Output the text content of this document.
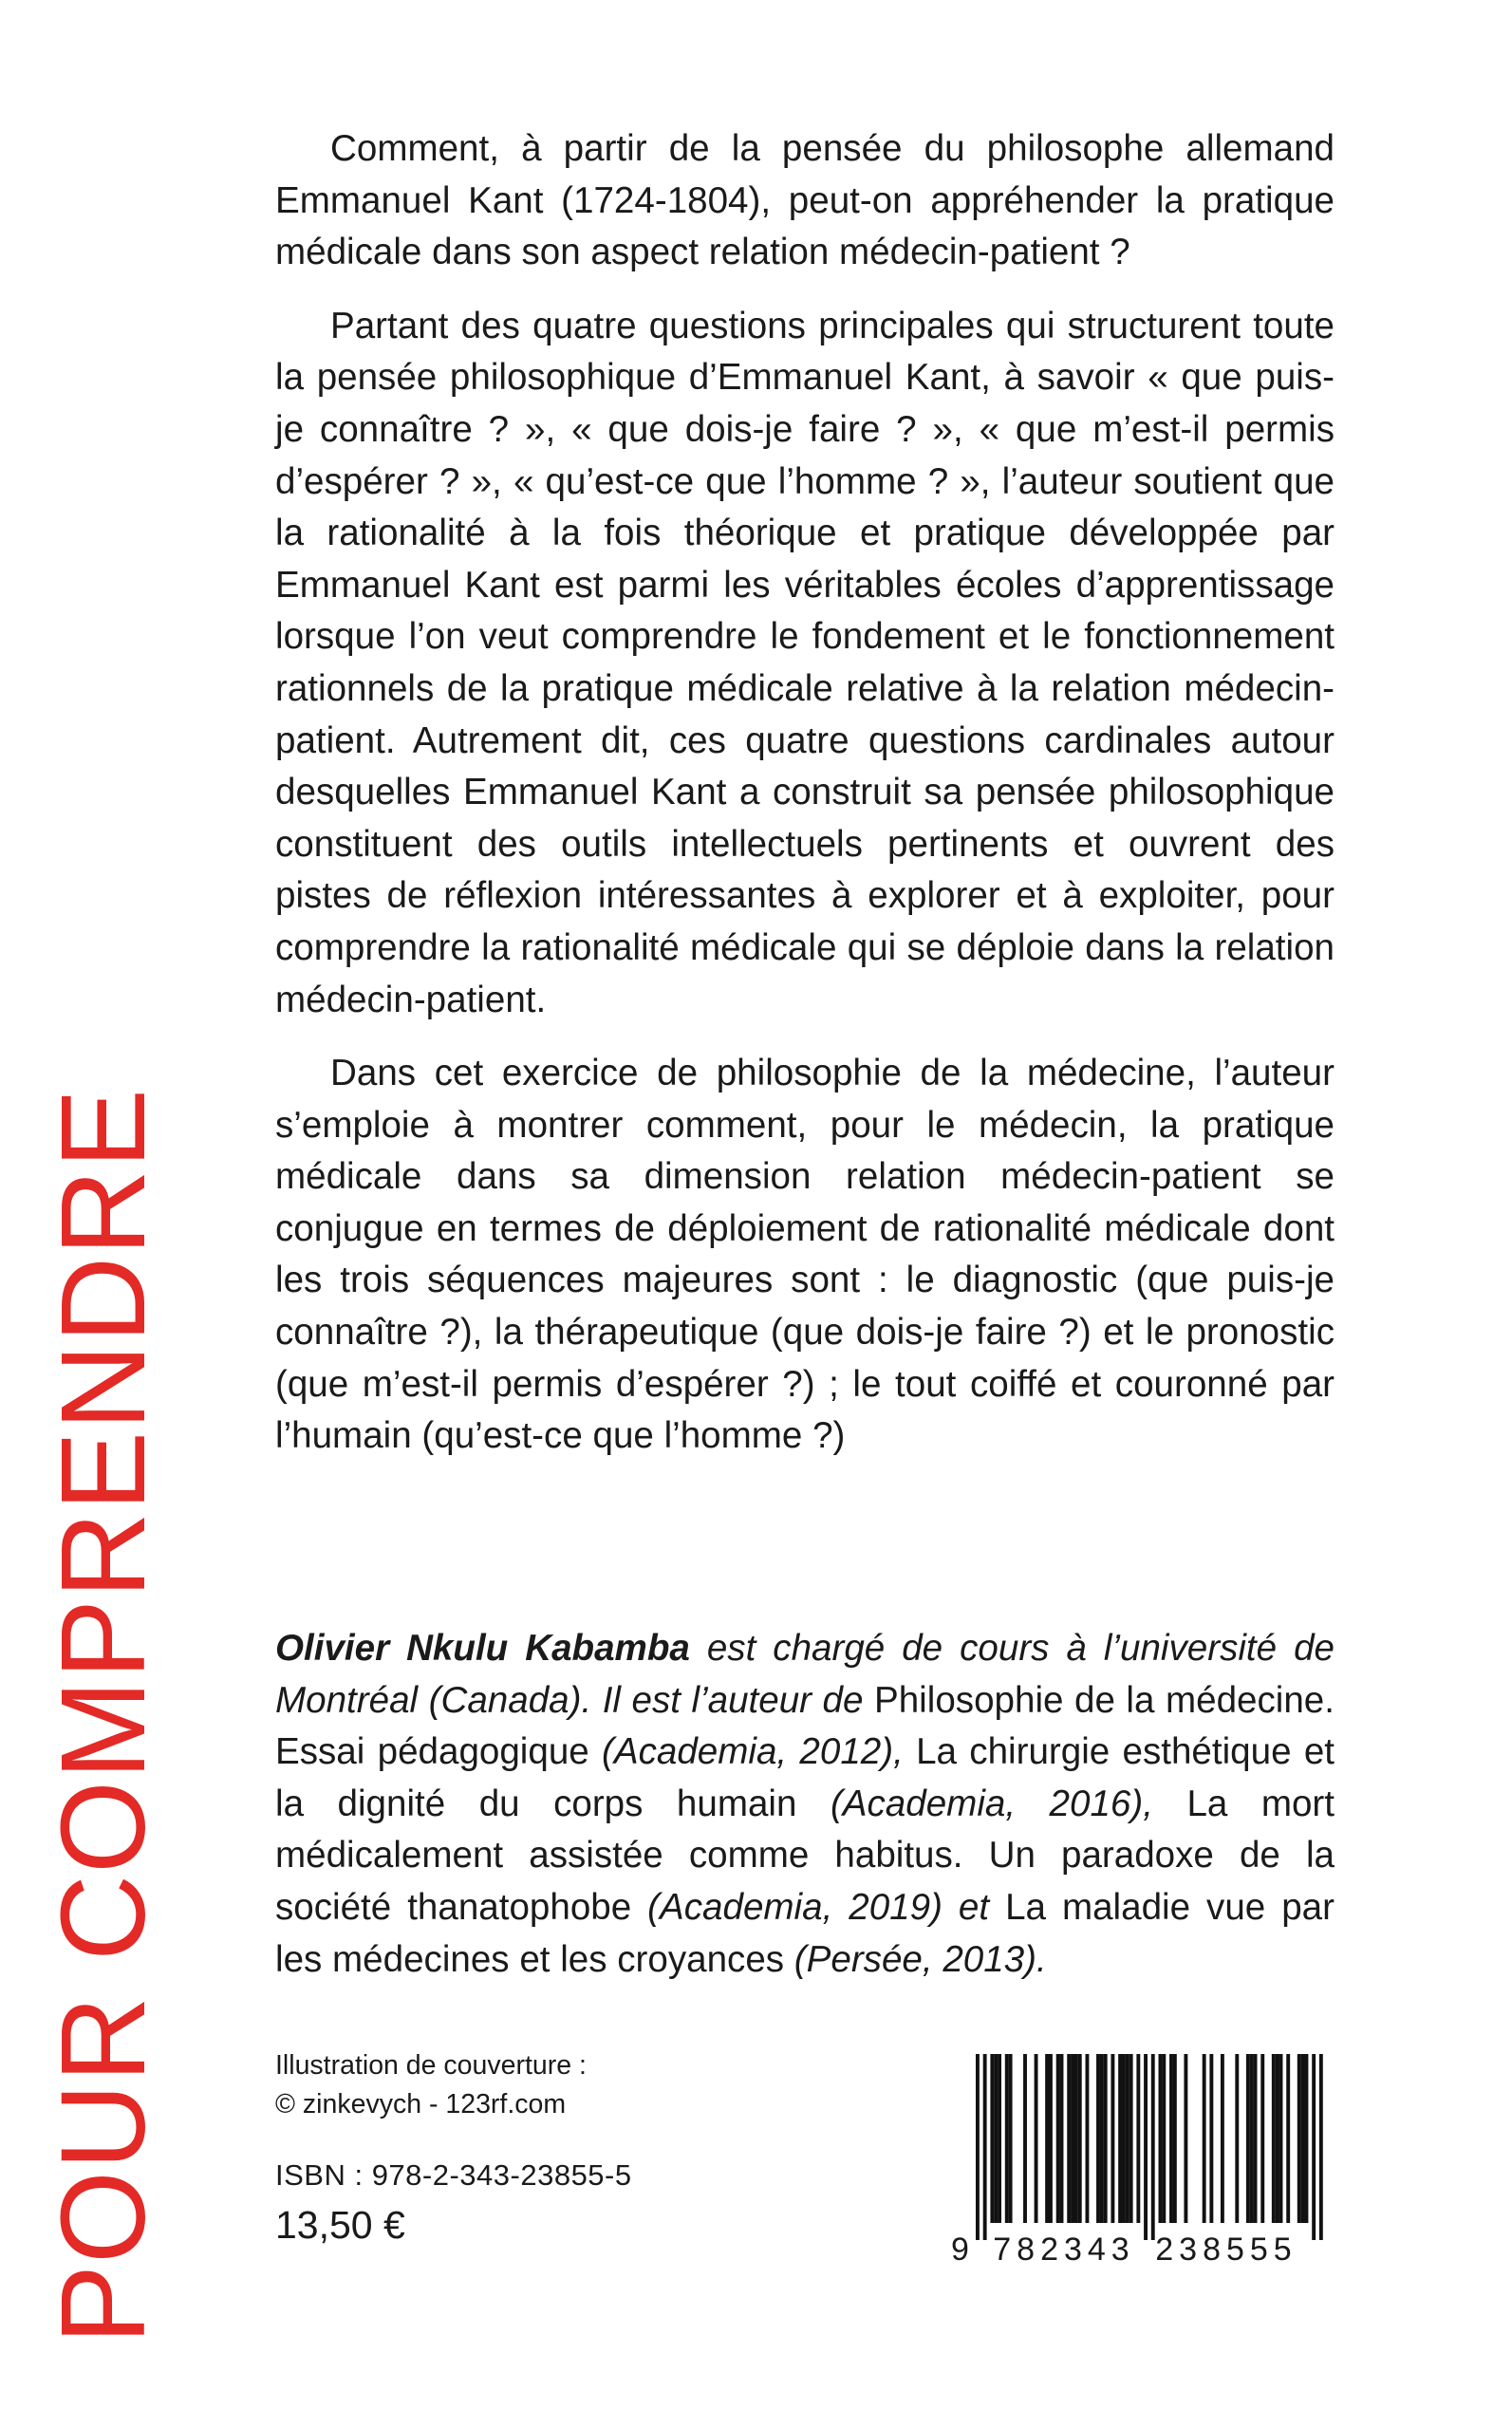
POUR COMPRENDRE

Comment, à partir de la pensée du philosophe allemand Emmanuel Kant (1724-1804), peut-on appréhender la pratique médicale dans son aspect relation médecin-patient ?

Partant des quatre questions principales qui structurent toute la pensée philosophique d’Emmanuel Kant, à savoir « que puis-je connaître ? », « que dois-je faire ? », « que m’est-il permis d’espérer ? », « qu’est-ce que l’homme ? », l’auteur soutient que la rationalité à la fois théorique et pratique développée par Emmanuel Kant est parmi les véritables écoles d’apprentissage lorsque l’on veut comprendre le fondement et le fonctionnement rationnels de la pratique médicale relative à la relation médecin-patient. Autrement dit, ces quatre questions cardinales autour desquelles Emmanuel Kant a construit sa pensée philosophique constituent des outils intellectuels pertinents et ouvrent des pistes de réflexion intéressantes à explorer et à exploiter, pour comprendre la rationalité médicale qui se déploie dans la relation médecin-patient.

Dans cet exercice de philosophie de la médecine, l’auteur s’emploie à montrer comment, pour le médecin, la pratique médicale dans sa dimension relation médecin-patient se conjugue en termes de déploiement de rationalité médicale dont les trois séquences majeures sont : le diagnostic (que puis-je connaître ?), la thérapeutique (que dois-je faire ?) et le pronostic (que m’est-il permis d’espérer ?) ; le tout coiffé et couronné par l’humain (qu’est-ce que l’homme ?)

Olivier Nkulu Kabamba est chargé de cours à l’université de Montréal (Canada). Il est l’auteur de Philosophie de la médecine. Essai pédagogique (Academia, 2012), La chirurgie esthétique et la dignité du corps humain (Academia, 2016), La mort médicalement assistée comme habitus. Un paradoxe de la société thanatophobe (Academia, 2019) et La maladie vue par les médecines et les croyances (Persée, 2013).
Illustration de couverture :
© zinkevych - 123rf.com
ISBN : 978-2-343-23855-5
13,50 €
9 782343 238555
